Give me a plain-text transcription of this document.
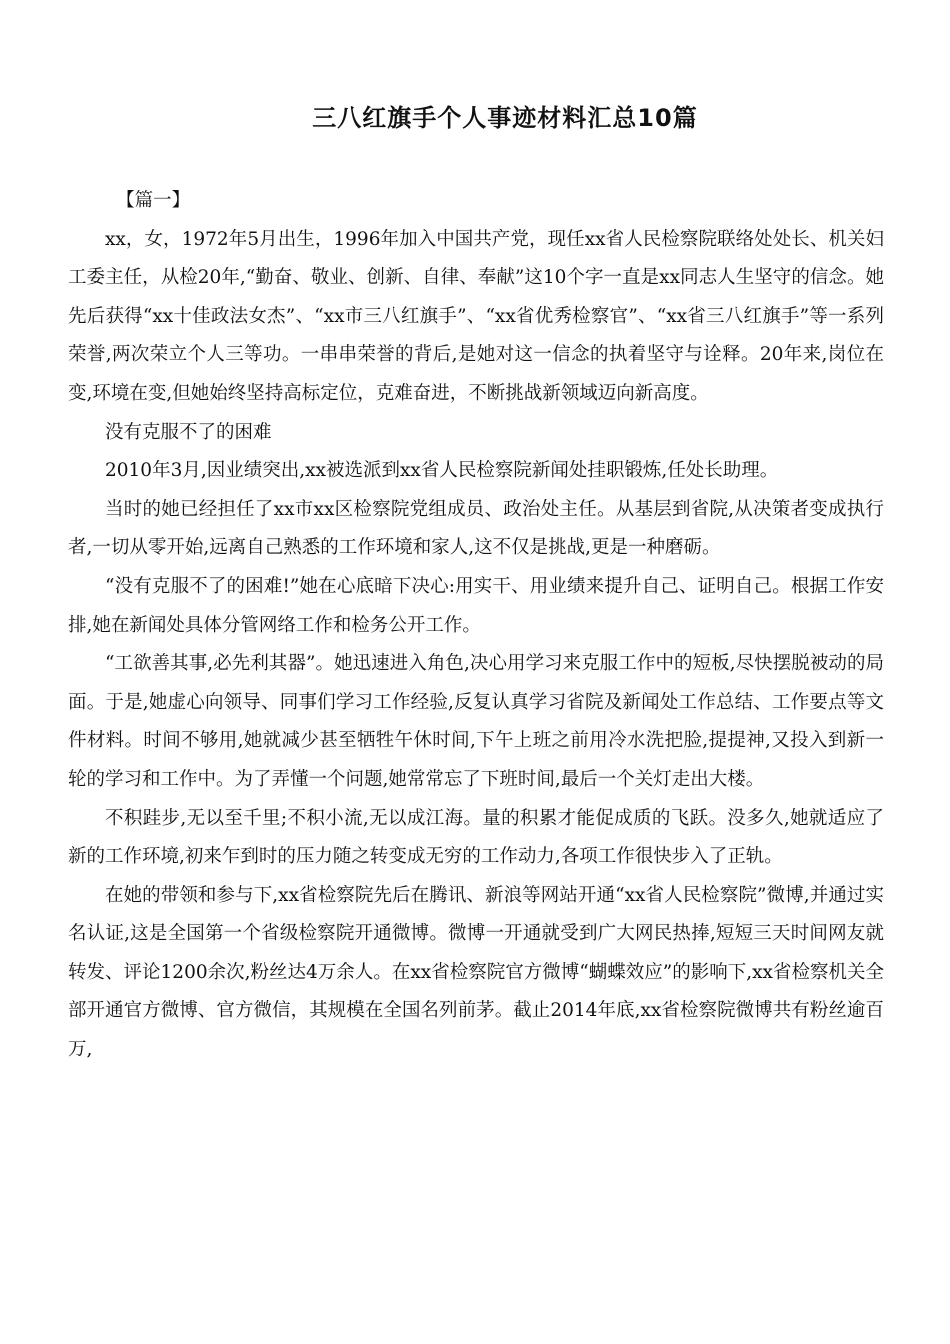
三八红旗手个人事迹材料汇总10篇

【篇一】

xx，女，1972年5月出生，1996年加入中国共产党，现任xx省人民检察院联络处处长、机关妇工委主任，从检20年,“勤奋、敬业、创新、自律、奉献”这10个字一直是xx同志人生坚守的信念。她先后获得“xx十佳政法女杰”、“xx市三八红旗手”、“xx省优秀检察官”、“xx省三八红旗手”等一系列荣誉,两次荣立个人三等功。一串串荣誉的背后,是她对这一信念的执着坚守与诠释。20年来,岗位在变,环境在变,但她始终坚持高标定位，克难奋进，不断挑战新领域迈向新高度。

没有克服不了的困难

2010年3月,因业绩突出,xx被选派到xx省人民检察院新闻处挂职锻炼,任处长助理。

当时的她已经担任了xx市xx区检察院党组成员、政治处主任。从基层到省院,从决策者变成执行者,一切从零开始,远离自己熟悉的工作环境和家人,这不仅是挑战,更是一种磨砺。

“没有克服不了的困难!”她在心底暗下决心:用实干、用业绩来提升自己、证明自己。根据工作安排,她在新闻处具体分管网络工作和检务公开工作。

“工欲善其事,必先利其器”。她迅速进入角色,决心用学习来克服工作中的短板,尽快摆脱被动的局面。于是,她虚心向领导、同事们学习工作经验,反复认真学习省院及新闻处工作总结、工作要点等文件材料。时间不够用,她就减少甚至牺牲午休时间,下午上班之前用冷水洗把脸,提提神,又投入到新一轮的学习和工作中。为了弄懂一个问题,她常常忘了下班时间,最后一个关灯走出大楼。

不积跬步,无以至千里;不积小流,无以成江海。量的积累才能促成质的飞跃。没多久,她就适应了新的工作环境,初来乍到时的压力随之转变成无穷的工作动力,各项工作很快步入了正轨。

在她的带领和参与下,xx省检察院先后在腾讯、新浪等网站开通“xx省人民检察院”微博,并通过实名认证,这是全国第一个省级检察院开通微博。微博一开通就受到广大网民热捧,短短三天时间网友就转发、评论1200余次,粉丝达4万余人。在xx省检察院官方微博“蝴蝶效应”的影响下,xx省检察机关全部开通官方微博、官方微信，其规模在全国名列前茅。截止2014年底,xx省检察院微博共有粉丝逾百万,
